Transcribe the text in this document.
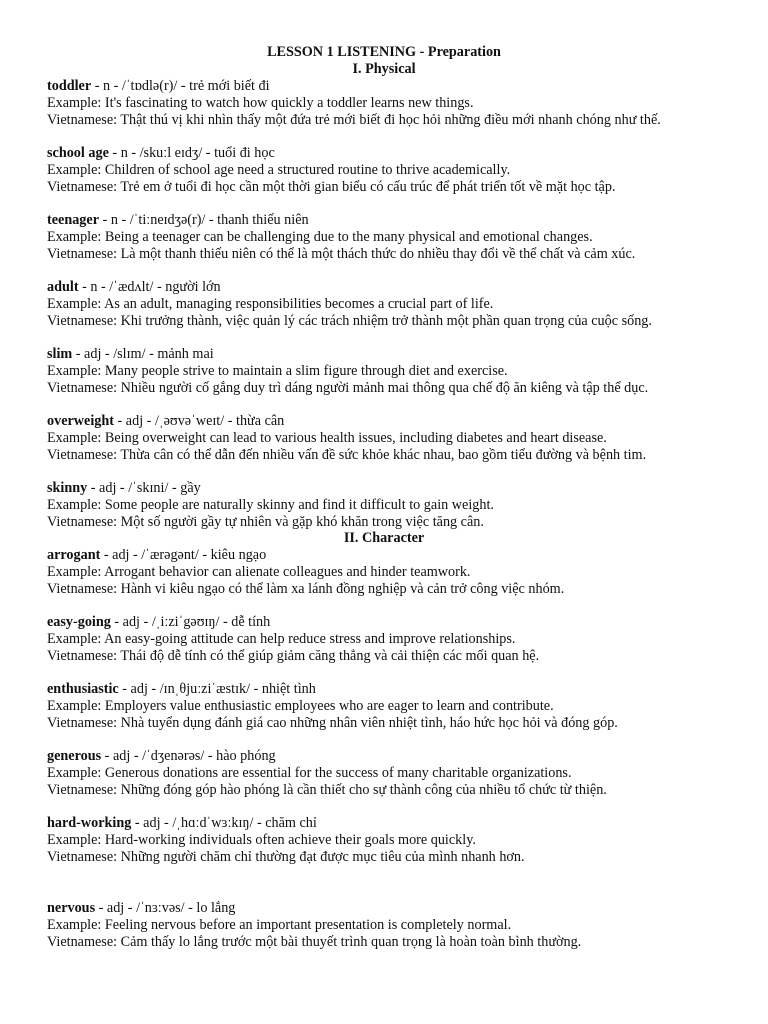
LESSON 1 LISTENING - Preparation
I. Physical
toddler - n - /ˈtɒdlə(r)/ - trẻ mới biết đi
Example: It's fascinating to watch how quickly a toddler learns new things.
Vietnamese: Thật thú vị khi nhìn thấy một đứa trẻ mới biết đi học hỏi những điều mới nhanh chóng như thế.
school age - n - /skuːl eɪdʒ/ - tuổi đi học
Example: Children of school age need a structured routine to thrive academically.
Vietnamese: Trẻ em ở tuổi đi học cần một thời gian biểu có cấu trúc để phát triển tốt về mặt học tập.
teenager - n - /ˈtiːneɪdʒə(r)/ - thanh thiếu niên
Example: Being a teenager can be challenging due to the many physical and emotional changes.
Vietnamese: Là một thanh thiếu niên có thể là một thách thức do nhiều thay đổi về thể chất và cảm xúc.
adult - n - /ˈædʌlt/ - người lớn
Example: As an adult, managing responsibilities becomes a crucial part of life.
Vietnamese: Khi trưởng thành, việc quản lý các trách nhiệm trở thành một phần quan trọng của cuộc sống.
slim - adj - /slɪm/ - mảnh mai
Example: Many people strive to maintain a slim figure through diet and exercise.
Vietnamese: Nhiều người cố gắng duy trì dáng người mảnh mai thông qua chế độ ăn kiêng và tập thể dục.
overweight - adj - /ˌəʊvəˈweɪt/ - thừa cân
Example: Being overweight can lead to various health issues, including diabetes and heart disease.
Vietnamese: Thừa cân có thể dẫn đến nhiều vấn đề sức khỏe khác nhau, bao gồm tiểu đường và bệnh tim.
skinny - adj - /ˈskɪni/ - gầy
Example: Some people are naturally skinny and find it difficult to gain weight.
Vietnamese: Một số người gầy tự nhiên và gặp khó khăn trong việc tăng cân.
II. Character
arrogant - adj - /ˈærəgənt/ - kiêu ngạo
Example: Arrogant behavior can alienate colleagues and hinder teamwork.
Vietnamese: Hành vi kiêu ngạo có thể làm xa lánh đồng nghiệp và cản trở công việc nhóm.
easy-going - adj - /ˌiːziˈgəʊɪŋ/ - dễ tính
Example: An easy-going attitude can help reduce stress and improve relationships.
Vietnamese: Thái độ dễ tính có thể giúp giảm căng thẳng và cải thiện các mối quan hệ.
enthusiastic - adj - /ɪnˌθjuːziˈæstɪk/ - nhiệt tình
Example: Employers value enthusiastic employees who are eager to learn and contribute.
Vietnamese: Nhà tuyển dụng đánh giá cao những nhân viên nhiệt tình, háo hức học hỏi và đóng góp.
generous - adj - /ˈdʒenərəs/ - hào phóng
Example: Generous donations are essential for the success of many charitable organizations.
Vietnamese: Những đóng góp hào phóng là cần thiết cho sự thành công của nhiều tổ chức từ thiện.
hard-working - adj - /ˌhɑːdˈwɜːkɪŋ/ - chăm chỉ
Example: Hard-working individuals often achieve their goals more quickly.
Vietnamese: Những người chăm chỉ thường đạt được mục tiêu của mình nhanh hơn.
nervous - adj - /ˈnɜːvəs/ - lo lắng
Example: Feeling nervous before an important presentation is completely normal.
Vietnamese: Cảm thấy lo lắng trước một bài thuyết trình quan trọng là hoàn toàn bình thường.
